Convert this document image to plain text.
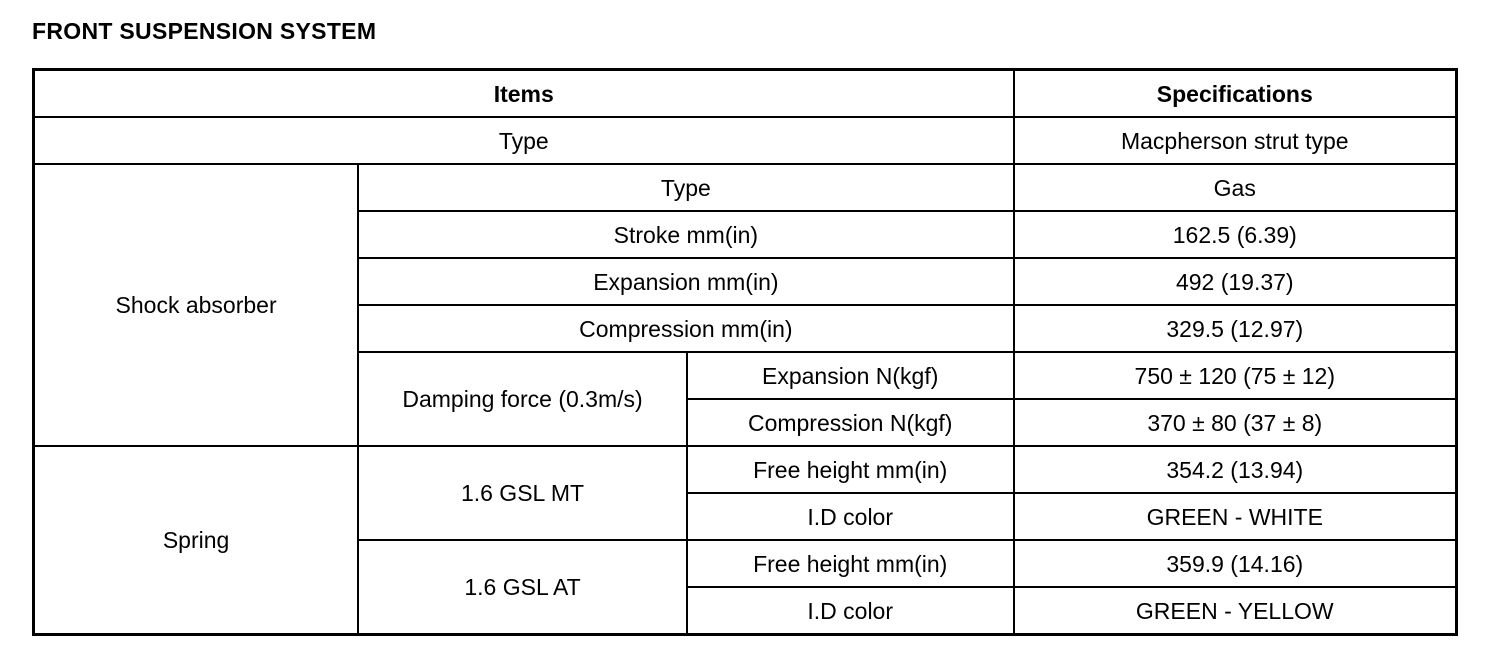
FRONT SUSPENSION SYSTEM
Items			Specifications
Type			Macpherson strut type
Shock absorber	Type		Gas
	Stroke mm(in)		162.5 (6.39)
	Expansion mm(in)		492 (19.37)
	Compression mm(in)		329.5 (12.97)
	Damping force (0.3m/s)	Expansion N(kgf)	750 ± 120 (75 ± 12)
		Compression N(kgf)	370 ± 80 (37 ± 8)
Spring	1.6 GSL MT	Free height mm(in)	354.2 (13.94)
		I.D color	GREEN - WHITE
	1.6 GSL AT	Free height mm(in)	359.9 (14.16)
		I.D color	GREEN - YELLOW
